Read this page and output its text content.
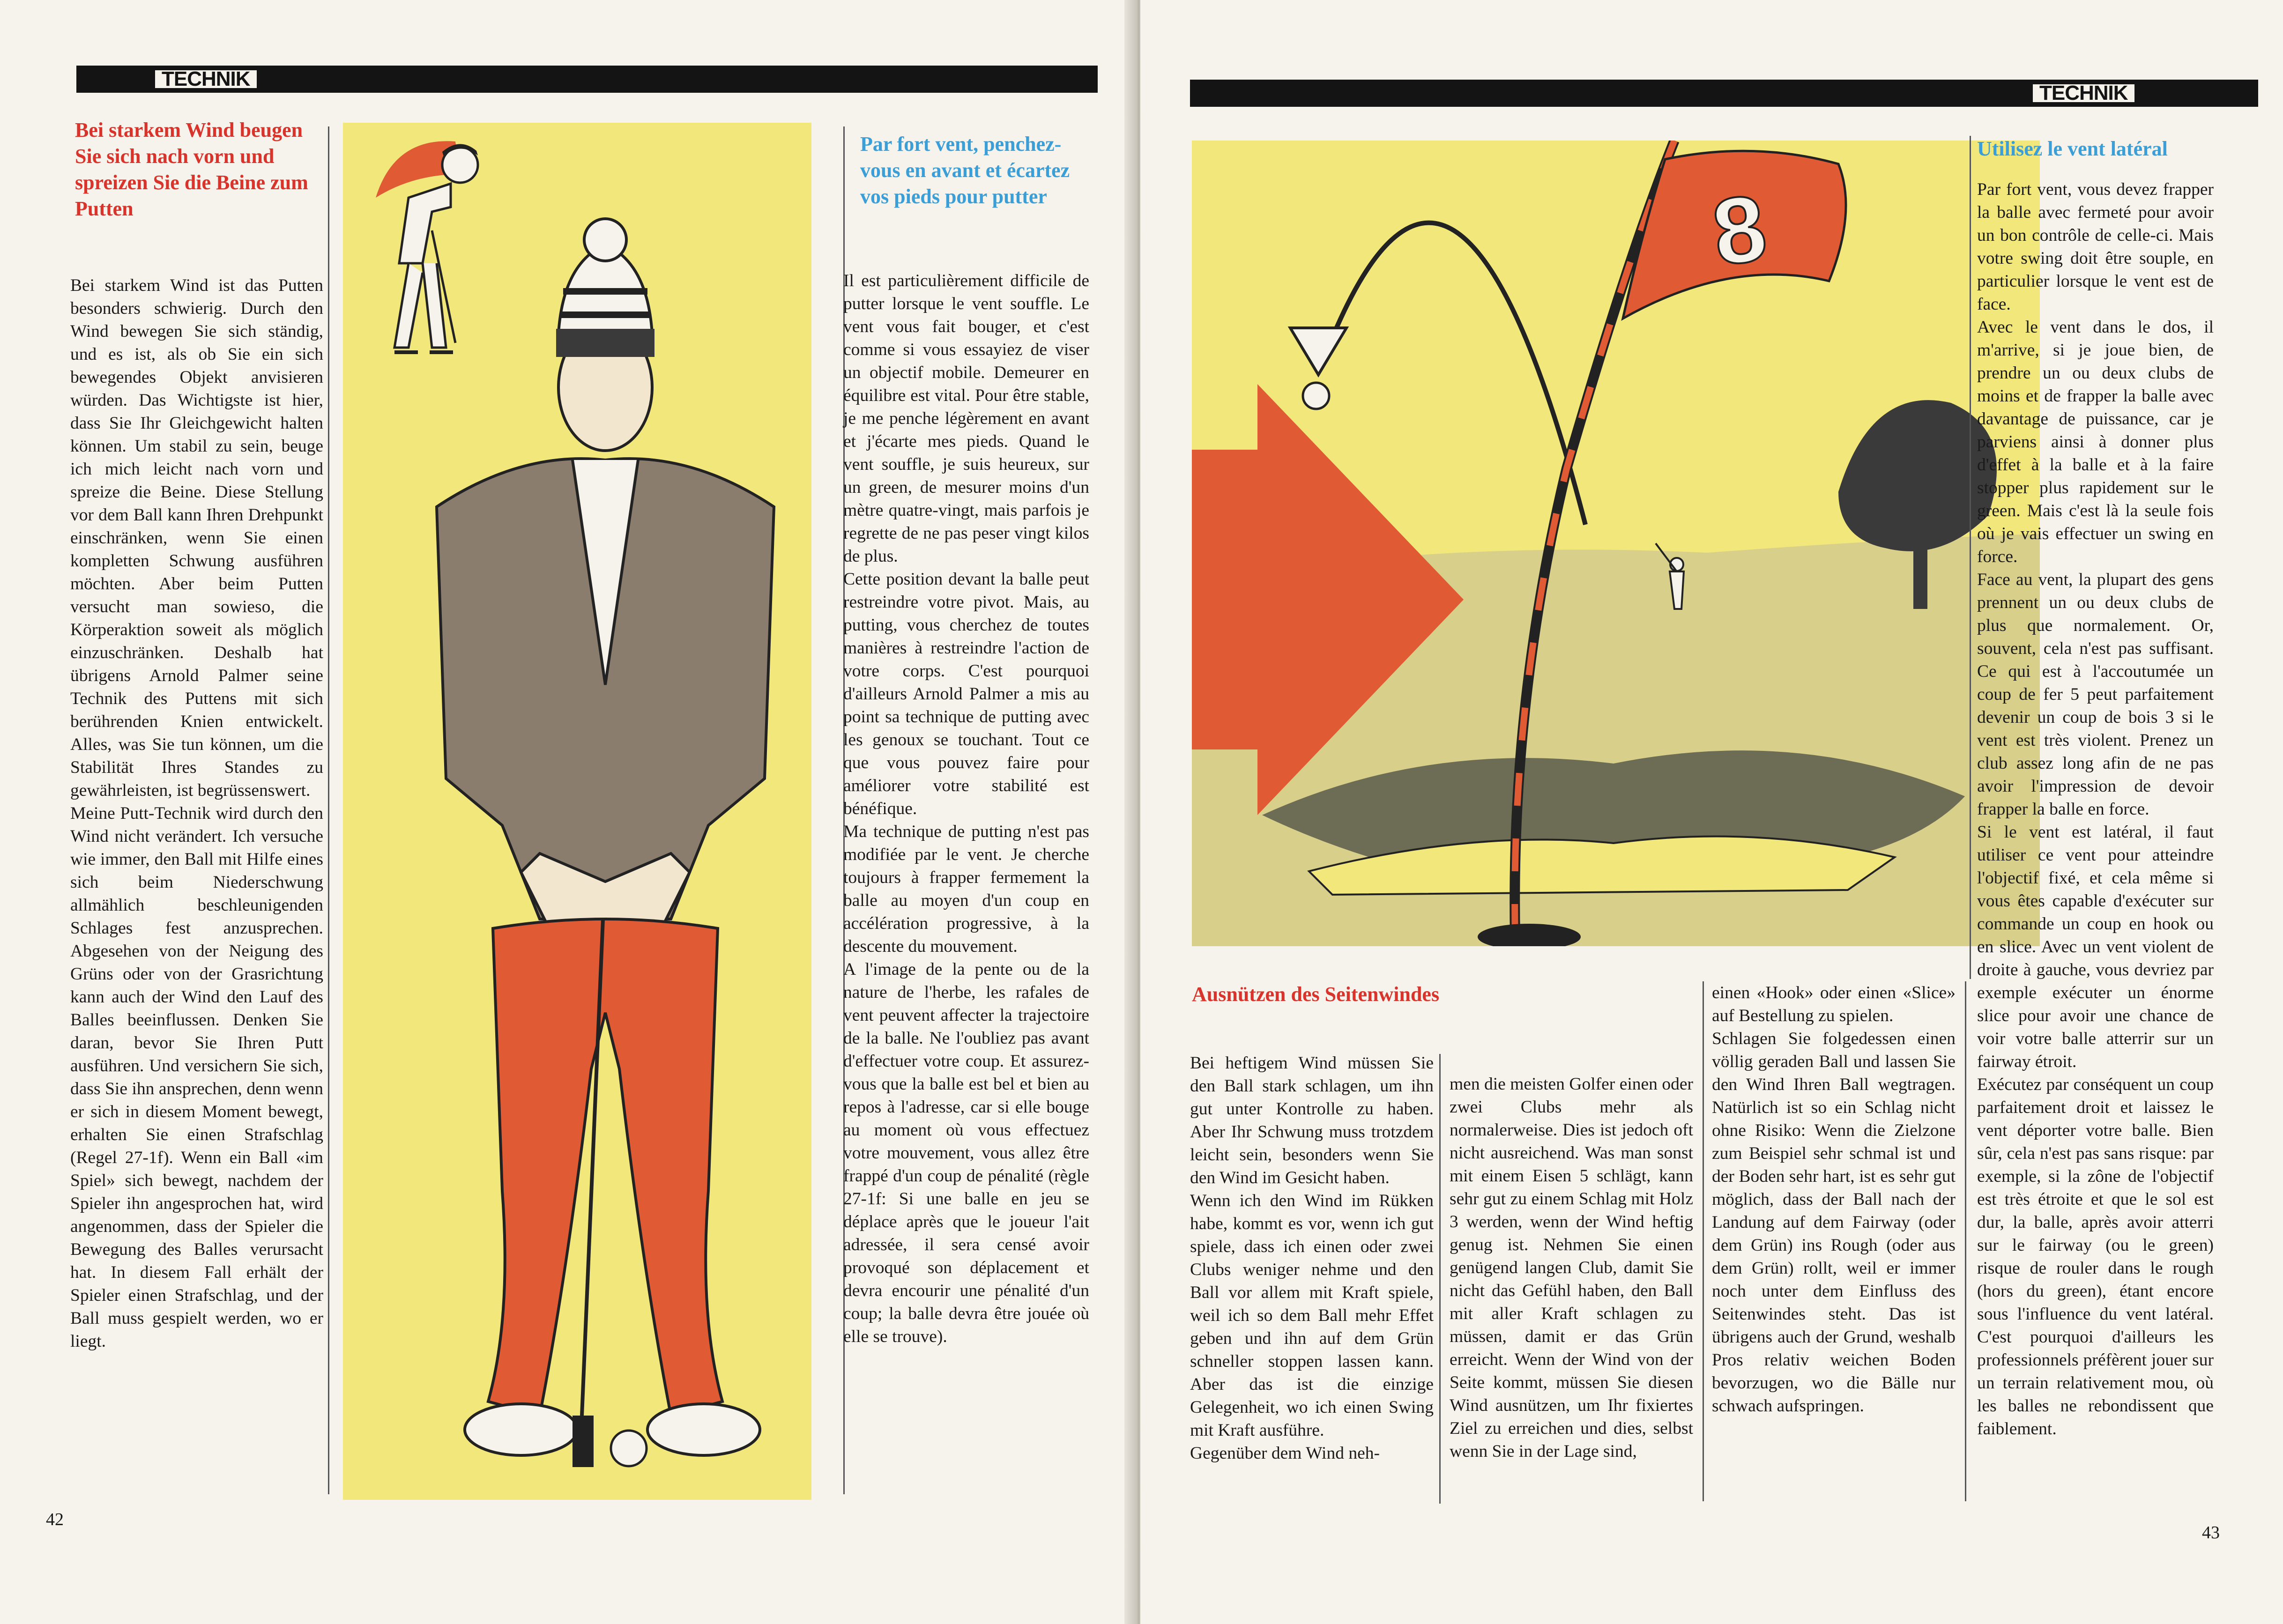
TECHNIK
Bei starkem Wind beugen Sie sich nach vorn und spreizen Sie die Beine zum Putten

Bei starkem Wind ist das Putten besonders schwierig. Durch den Wind bewegen Sie sich ständig, und es ist, als ob Sie ein sich bewegendes Objekt anvisieren würden. Das Wichtigste ist hier, dass Sie Ihr Gleichgewicht halten können. Um stabil zu sein, beuge ich mich leicht nach vorn und spreize die Beine. Diese Stellung vor dem Ball kann Ihren Drehpunkt einschränken, wenn Sie einen kompletten Schwung ausführen möchten. Aber beim Putten versucht man sowieso, die Körperaktion soweit als möglich einzuschränken. Deshalb hat übrigens Arnold Palmer seine Technik des Puttens mit sich berührenden Knien entwickelt. Alles, was Sie tun können, um die Stabilität Ihres Standes zu gewährleisten, ist begrüssenswert.

Meine Putt-Technik wird durch den Wind nicht verändert. Ich versuche wie immer, den Ball mit Hilfe eines sich beim Niederschwung allmählich beschleunigenden Schlages fest anzusprechen. Abgesehen von der Neigung des Grüns oder von der Grasrichtung kann auch der Wind den Lauf des Balles beeinflussen. Denken Sie daran, bevor Sie Ihren Putt ausführen. Und versichern Sie sich, dass Sie ihn ansprechen, denn wenn er sich in diesem Moment bewegt, erhalten Sie einen Strafschlag (Regel 27-1f). Wenn ein Ball «im Spiel» sich bewegt, nachdem der Spieler ihn angesprochen hat, wird angenommen, dass der Spieler die Bewegung des Balles verursacht hat. In diesem Fall erhält der Spieler einen Strafschlag, und der Ball muss gespielt werden, wo er liegt.

Par fort vent, penchez-vous en avant et écartez vos pieds pour putter

Il est particulièrement difficile de putter lorsque le vent souffle. Le vent vous fait bouger, et c'est comme si vous essayiez de viser un objectif mobile. Demeurer en équilibre est vital. Pour être stable, je me penche légèrement en avant et j'écarte mes pieds. Quand le vent souffle, je suis heureux, sur un green, de mesurer moins d'un mètre quatre-vingt, mais parfois je regrette de ne pas peser vingt kilos de plus.

Cette position devant la balle peut restreindre votre pivot. Mais, au putting, vous cherchez de toutes manières à restreindre l'action de votre corps. C'est pourquoi d'ailleurs Arnold Palmer a mis au point sa technique de putting avec les genoux se touchant. Tout ce que vous pouvez faire pour améliorer votre stabilité est bénéfique.

Ma technique de putting n'est pas modifiée par le vent. Je cherche toujours à frapper fermement la balle au moyen d'un coup en accélération progressive, à la descente du mouvement.

A l'image de la pente ou de la nature de l'herbe, les rafales de vent peuvent affecter la trajectoire de la balle. Ne l'oubliez pas avant d'effectuer votre coup. Et assurez-vous que la balle est bel et bien au repos à l'adresse, car si elle bouge au moment où vous effectuez votre mouvement, vous allez être frappé d'un coup de pénalité (règle 27-1f: Si une balle en jeu se déplace après que le joueur l'ait adressée, il sera censé avoir provoqué son déplacement et devra encourir une pénalité d'un coup; la balle devra être jouée où elle se trouve).

42
TECHNIK
8
Ausnützen des Seitenwindes

Bei heftigem Wind müssen Sie den Ball stark schlagen, um ihn gut unter Kontrolle zu haben. Aber Ihr Schwung muss trotzdem leicht sein, besonders wenn Sie den Wind im Gesicht haben.

Wenn ich den Wind im Rükken habe, kommt es vor, wenn ich gut spiele, dass ich einen oder zwei Clubs weniger nehme und den Ball vor allem mit Kraft spiele, weil ich so dem Ball mehr Effet geben und ihn auf dem Grün schneller stoppen lassen kann. Aber das ist die einzige Gelegenheit, wo ich einen Swing mit Kraft ausführe.

Gegenüber dem Wind neh-

men die meisten Golfer einen oder zwei Clubs mehr als normalerweise. Dies ist jedoch oft nicht ausreichend. Was man sonst mit einem Eisen 5 schlägt, kann sehr gut zu einem Schlag mit Holz 3 werden, wenn der Wind heftig genug ist. Nehmen Sie einen genügend langen Club, damit Sie nicht das Gefühl haben, den Ball mit aller Kraft schlagen zu müssen, damit er das Grün erreicht. Wenn der Wind von der Seite kommt, müssen Sie diesen Wind ausnützen, um Ihr fixiertes Ziel zu erreichen und dies, selbst wenn Sie in der Lage sind,

einen «Hook» oder einen «Slice» auf Bestellung zu spielen.

Schlagen Sie folgedessen einen völlig geraden Ball und lassen Sie den Wind Ihren Ball wegtragen. Natürlich ist so ein Schlag nicht ohne Risiko: Wenn die Zielzone zum Beispiel sehr schmal ist und der Boden sehr hart, ist es sehr gut möglich, dass der Ball nach der Landung auf dem Fairway (oder dem Grün) ins Rough (oder aus dem Grün) rollt, weil er immer noch unter dem Einfluss des Seitenwindes steht. Das ist übrigens auch der Grund, weshalb Pros relativ weichen Boden bevorzugen, wo die Bälle nur schwach aufspringen.

Utilisez le vent latéral

Par fort vent, vous devez frapper la balle avec fermeté pour avoir un bon contrôle de celle-ci. Mais votre swing doit être souple, en particulier lorsque le vent est de face.

Avec le vent dans le dos, il m'arrive, si je joue bien, de prendre un ou deux clubs de moins et de frapper la balle avec davantage de puissance, car je parviens ainsi à donner plus d'effet à la balle et à la faire stopper plus rapidement sur le green. Mais c'est là la seule fois où je vais effectuer un swing en force.

Face au vent, la plupart des gens prennent un ou deux clubs de plus que normalement. Or, souvent, cela n'est pas suffisant. Ce qui est à l'accoutumée un coup de fer 5 peut parfaitement devenir un coup de bois 3 si le vent est très violent. Prenez un club assez long afin de ne pas avoir l'impression de devoir frapper la balle en force.

Si le vent est latéral, il faut utiliser ce vent pour atteindre l'objectif fixé, et cela même si vous êtes capable d'exécuter sur commande un coup en hook ou en slice. Avec un vent violent de droite à gauche, vous devriez par exemple exécuter un énorme slice pour avoir une chance de voir votre balle atterrir sur un fairway étroit.

Exécutez par conséquent un coup parfaitement droit et laissez le vent déporter votre balle. Bien sûr, cela n'est pas sans risque: par exemple, si la zône de l'objectif est très étroite et que le sol est dur, la balle, après avoir atterri sur le fairway (ou le green) risque de rouler dans le rough (hors du green), étant encore sous l'influence du vent latéral. C'est pourquoi d'ailleurs les professionnels préfèrent jouer sur un terrain relativement mou, où les balles ne rebondissent que faiblement.

43
